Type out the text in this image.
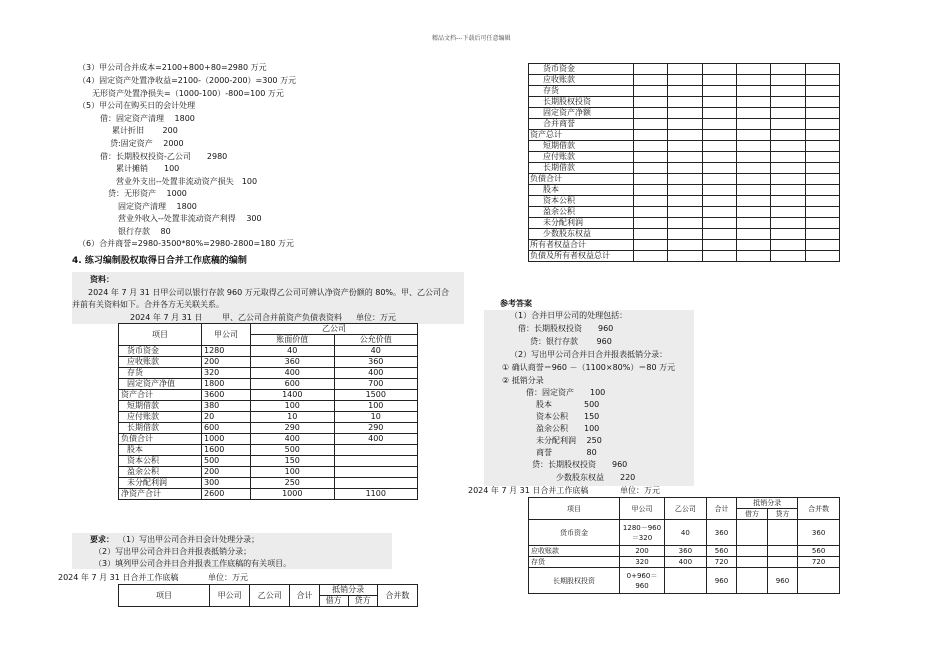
精品文档---下载后可任意编辑
（3）甲公司合并成本=2100+800+80=2980 万元
（4）固定资产处置净收益=2100-（2000-200）=300 万元
无形资产处置净损失=（1000-100）-800=100 万元
（5）甲公司在购买日的会计处理
借：固定资产清理　 1800
累计折旧　　 200
贷:固定资产　 2000
借：长期股权投资-乙公司　　2980
累计摊销　　100
营业外支出--处置非流动资产损失　100
贷：无形资产　 1000
固定资产清理　 1800
营业外收入--处置非流动资产利得　 300
银行存款　 80
（6）合并商誉=2980-3500*80%=2980-2800=180 万元
4. 练习编制股权取得日合并工作底稿的编制
资料：
2024 年 7 月 31 日甲公司以银行存款 960 万元取得乙公司可辨认净资产份额的 80%。甲、乙公司合
并前有关资料如下。合并各方无关联关系。
2024 年 7 月 31 日 甲、乙公司合并前资产负债表资料 单位：万元
项目	甲公司	乙公司	
		账面价值	公允价值
货币资金	1280	40	40
应收账款	200	360	360
存货	320	400	400
固定资产净值	1800	600	700
资产合计	3600	1400	1500
短期借款	380	100	100
应付账款	20	10	10
长期借款	600	290	290
负债合计	1000	400	400
股本	1600	500	
资本公积	500	150	
盈余公积	200	100	
未分配利润	300	250	
净资产合计	2600	1000	1100
要求： （1）写出甲公司合并日会计处理分录；
（2）写出甲公司合并日合并报表抵销分录；
（3）填列甲公司合并日合并报表工作底稿的有关项目。
2024 年 7 月 31 日合并工作底稿	单位：万元
项目	甲公司	乙公司	合计	抵销分录		合并数
				借方	贷方	
货币资金						
应收账款						
存货						
长期股权投资						
固定资产净额						
合并商誉						
资产总计						
短期借款						
应付账款						
长期借款						
负债合计						
股本						
资本公积						
盈余公积						
未分配利润						
少数股东权益						
所有者权益合计						
负债及所有者权益总计						
参考答案
（1）合并日甲公司的处理包括：
借：长期股权投资　　960
贷：银行存款　　 960
（2）写出甲公司合并日合并报表抵销分录：
① 确认商誉＝960 －（1100×80%）＝80 万元
② 抵销分录
借：固定资产　　100
股本　　　　500
资本公积　　150
盈余公积　　100
未分配利润　 250
商誉　　　　 80
贷：长期股权投资　　960
少数股东权益　　220
2024 年 7 月 31 日合并工作底稿	单位：万元
项目	甲公司	乙公司	合计	抵销分录		合并数
				借方	贷方	
货币资金	1280－960＝320	40	360			360
应收账款	200	360	560			560
存货	320	400	720			720
长期股权投资	0+960＝960		960		960	
